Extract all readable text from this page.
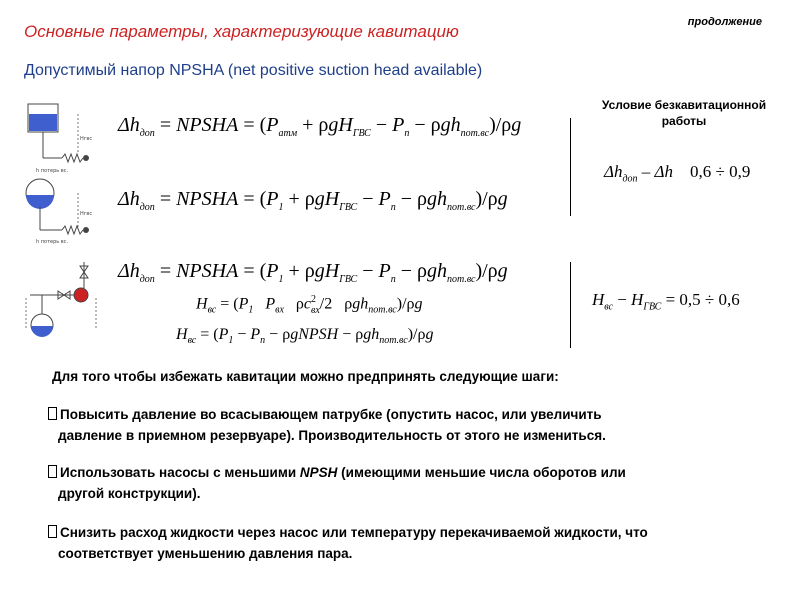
Основные параметры, характеризующие кавитацию	продолжение
Допустимый напор NPSHA (net positive suction head available)
Условие безкавитационной
работы
Hгвс
h потерь вс.
Hгвс
h потерь вс.
$\Delta h_{доп}$ = NPSHA = $(P_{атм} + \rho gH_{ГВС} - P_п - \rho gh_{пот.вс})/\rho g$
$\Delta h_{доп}$ = NPSHA = $(P_1 + \rho gH_{ГВС} - P_п - \rho gh_{пот.вс})/\rho g$
$\Delta h_{доп}$ – Δh    0,6 ÷ 0,9
$\Delta h_{доп}$ = NPSHA = $(P_1 + \rho gH_{ГВС} - P_п - \rho gh_{пот.вс})/\rho g$
$H_{вс} = (P_1$ $P_{вх}$   $\rho c^2_{вх}/2$   ρgh$_{пот.вс}$)/ρg
$H_{вс} = (P_1 - P_п$ − ρgNPSH − ρgh$_{пот.вс}$)/ρg
$H_{вс} - H_{ГВС} = 0,5 \div 0,6$
Для того чтобы избежать кавитации можно предпринять следующие шаги:
Повысить давление во всасывающем патрубке (опустить насос, или увеличить
давление в приемном резервуаре). Производительность от этого не измениться.
Использовать насосы с меньшими NPSH (имеющими меньшие числа оборотов или
другой конструкции).
Снизить расход жидкости через насос или температуру перекачиваемой жидкости, что
соответствует уменьшению давления пара.
